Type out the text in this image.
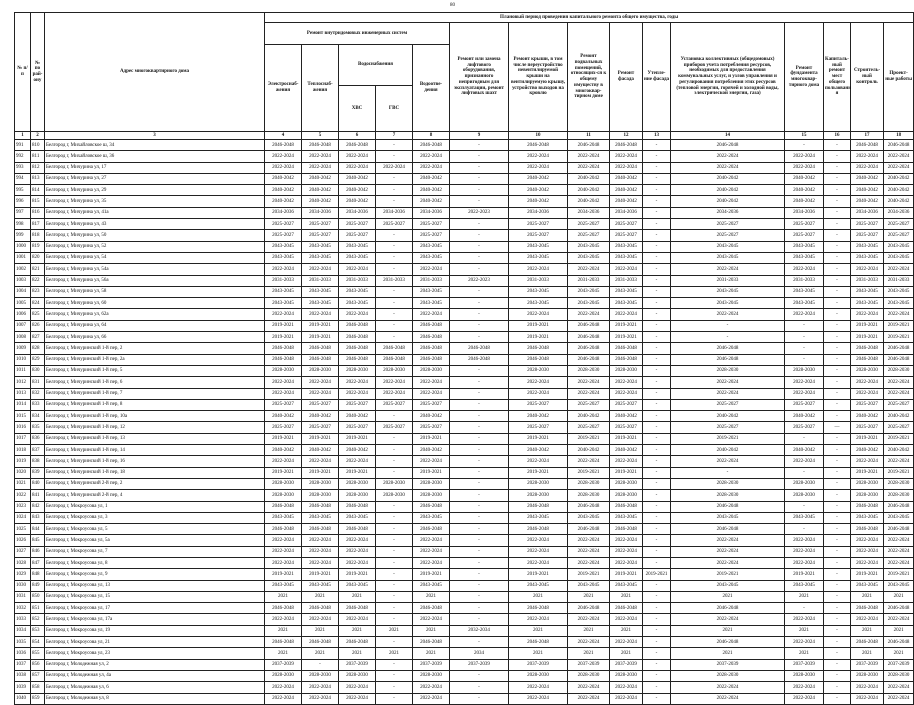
80
№ п/п	№ по рай-ону	Адрес многоквартирного дома	Плановый период проведения капитального ремонта общего имущества, годы														
			Ремонт внутридомовых инженерных систем					Ремонт или замена лифтового оборудования, признанного непригодным для эксплуатации, ремонт лифтовых шахт	Ремонт крыши, в том числе переустройство невентилируемой крыши на вентилируемую крышу, устройство выходов на кровлю	Ремонт подвальных помещений, относящих-ся к общему имуществу в многоквар-тирном доме	Ремонт фасада	Утепле-ние фасада	Установка коллективных (общедомовых) приборов учета потребления ресурсов, необходимых для предоставления коммунальных услуг, и узлов управления и регулирования потребления этих ресурсов (тепловой энергии, горячей и холодной воды, электрической энергии, газа)	Ремонт фундамента многоквар-тирного дома	Капиталь-ный ремонт мест общего пользовани я	Строитель-ный контроль	Проект-ные работы
			Электроснаб-жения	Теплоснаб-жения	Водоснабжения
ХВС ГВС		Водоотве-дения										
1	2	3	4	5	6	7	8	9	10	11	12	13	14	15	16	17	18
991	810	Белгород г, Михайловское ш, 34	2046-2048	2046-2048	2046-2048	-	2046-2048	-	2046-2048	2046-2048	2046-2048	-	2046-2048	-	-	2046-2048	2046-2048
992	811	Белгород г, Михайловское ш, 36	2022-2024	2022-2024	2022-2024	-	2022-2024	-	2022-2024	2022-2024	2022-2024	-	2022-2024	2022-2024	-	2022-2024	2022-2024
993	812	Белгород г, Мичурина ул, 17	2022-2024	2022-2024	2022-2024	2022-2024	2022-2024	-	2022-2024	2022-2024	2022-2024	-	2022-2024	2022-2024	-	2022-2024	2022-2024
994	813	Белгород г, Мичурина ул, 27	2040-2042	2040-2042	2040-2042	-	2040-2042	-	2040-2042	2040-2042	2040-2042	-	2040-2042	2040-2042	-	2040-2042	2040-2042
995	814	Белгород г, Мичурина ул, 29	2040-2042	2040-2042	2040-2042	-	2040-2042	-	2040-2042	2040-2042	2040-2042	-	2040-2042	2040-2042	-	2040-2042	2040-2042
996	815	Белгород г, Мичурина ул, 35	2040-2042	2040-2042	2040-2042	-	2040-2042	-	2040-2042	2040-2042	2040-2042	-	2040-2042	2040-2042	-	2040-2042	2040-2042
997	816	Белгород г, Мичурина ул, 41а	2034-2036	2034-2036	2034-2036	2034-2036	2034-2036	2022-2023	2034-2036	2034-2036	2034-2036	-	2034-2036	2034-2036	-	2034-2036	2034-2036
998	817	Белгород г, Мичурина ул, 43	2025-2027	2025-2027	2025-2027	2025-2027	2025-2027	-	2025-2027	2025-2027	2025-2027	-	2025-2027	2025-2027	-	2025-2027	2025-2027
999	818	Белгород г, Мичурина ул, 50	2025-2027	2025-2027	2025-2027	-	2025-2027	-	2025-2027	2025-2027	2025-2027	-	2025-2027	2025-2027	-	2025-2027	2025-2027
1000	819	Белгород г, Мичурина ул, 52	2043-2045	2043-2045	2043-2045	-	2043-2045	-	2043-2045	2043-2045	2043-2045	-	2043-2045	2043-2045	-	2043-2045	2043-2045
1001	820	Белгород г, Мичурина ул, 54	2043-2045	2043-2045	2043-2045	-	2043-2045	-	2043-2045	2043-2045	2043-2045	-	2043-2045	2043-2045	-	2043-2045	2043-2045
1002	821	Белгород г, Мичурина ул, 54а	2022-2024	2022-2024	2022-2024	-	2022-2024	-	2022-2024	2022-2024	2022-2024	-	2022-2024	2022-2024	-	2022-2024	2022-2024
1003	822	Белгород г, Мичурина ул, 56а	2031-2033	2031-2033	2031-2033	2031-2033	2031-2033	2022-2023	2031-2033	2031-2033	2031-2033	-	2031-2033	2031-2033	-	2031-2033	2031-2033
1004	823	Белгород г, Мичурина ул, 58	2043-2045	2043-2045	2043-2045	-	2043-2045	-	2043-2045	2043-2045	2043-2045	-	2043-2045	2043-2045	-	2043-2045	2043-2045
1005	824	Белгород г, Мичурина ул, 60	2043-2045	2043-2045	2043-2045	-	2043-2045	-	2043-2045	2043-2045	2043-2045	-	2043-2045	2043-2045	-	2043-2045	2043-2045
1006	825	Белгород г, Мичурина ул, 62а	2022-2024	2022-2024	2022-2024	-	2022-2024	-	2022-2024	2022-2024	2022-2024	-	2022-2024	2022-2024	-	2022-2024	2022-2024
1007	826	Белгород г, Мичурина ул, 64	2019-2021	2019-2021	2046-2048	-	2046-2048	-	2019-2021	2046-2048	2019-2021	-	-	-	-	2019-2021	2019-2021
1008	827	Белгород г, Мичурина ул, 66	2019-2021	2019-2021	2046-2048	-	2046-2048	-	2019-2021	2046-2048	2019-2021	-	-	-	-	2019-2021	2019-2021
1009	828	Белгород г, Мичуринский 1-й пер, 2	2046-2048	2046-2048	2046-2048	2046-2048	2046-2048	2046-2048	2046-2048	2046-2048	2046-2048	-	2046-2048	-	-	2046-2048	2046-2048
1010	829	Белгород г, Мичуринский 1-й пер, 2а	2046-2048	2046-2048	2046-2048	2046-2048	2046-2048	2046-2048	2046-2048	2046-2048	2046-2048	-	2046-2048	-	-	2046-2048	2046-2048
1011	830	Белгород г, Мичуринский 1-й пер, 5	2028-2030	2028-2030	2028-2030	2028-2030	2028-2030	-	2028-2030	2028-2030	2028-2030	-	2028-2030	2028-2030	-	2028-2030	2028-2030
1012	831	Белгород г, Мичуринский 1-й пер, 6	2022-2024	2022-2024	2022-2024	2022-2024	2022-2024	-	2022-2024	2022-2024	2022-2024	-	2022-2024	2022-2024	-	2022-2024	2022-2024
1013	832	Белгород г, Мичуринский 1-й пер, 7	2022-2024	2022-2024	2022-2024	2022-2024	2022-2024	-	2022-2024	2022-2024	2022-2024	-	2022-2024	2022-2024	-	2022-2024	2022-2024
1014	833	Белгород г, Мичуринский 1-й пер, 8	2025-2027	2025-2027	2025-2027	2025-2027	2025-2027	-	2025-2027	2025-2027	2025-2027	-	2025-2027	2025-2027	-	2025-2027	2025-2027
1015	834	Белгород г, Мичуринский 1-й пер, 10а	2040-2042	2040-2042	2040-2042	-	2040-2042	-	2040-2042	2040-2042	2040-2042	-	2040-2042	2040-2042	-	2040-2042	2040-2042
1016	835	Белгород г, Мичуринский 1-й пер, 12	2025-2027	2025-2027	2025-2027	2025-2027	2025-2027	-	2025-2027	2025-2027	2025-2027	-	2025-2027	2025-2027	—	2025-2027	2025-2027
1017	836	Белгород г, Мичуринский 1-й пер, 13	2019-2021	2019-2021	2019-2021	-	2019-2021	-	2019-2021	2019-2021	2019-2021	-	2019-2021	-	-	2019-2021	2019-2021
1018	837	Белгород г, Мичуринский 1-й пер, 14	2040-2042	2040-2042	2040-2042	-	2040-2042	-	2040-2042	2040-2042	2040-2042	-	2040-2042	2040-2042	-	2040-2042	2040-2042
1019	838	Белгород г, Мичуринский 1-й пер, 16	2022-2024	2022-2024	2022-2024	-	2022-2024	-	2022-2024	2022-2024	2022-2024	-	2022-2024	2022-2024	-	2022-2024	2022-2024
1020	839	Белгород г, Мичуринский 1-й пер, 18	2019-2021	2019-2021	2019-2021	-	2019-2021	-	2019-2021	2019-2021	2019-2021	-	-	-	-	2019-2021	2019-2021
1021	840	Белгород г, Мичуринский 2-й пер, 2	2028-2030	2028-2030	2028-2030	2028-2030	2028-2030	-	2028-2030	2028-2030	2028-2030	-	2028-2030	2028-2030	-	2028-2030	2028-2030
1022	841	Белгород г, Мичуринский 2-й пер, 4	2028-2030	2028-2030	2028-2030	2028-2030	2028-2030	-	2028-2030	2028-2030	2028-2030	-	2028-2030	2028-2030	-	2028-2030	2028-2030
1023	842	Белгород г, Мокроусова ул, 1	2046-2048	2046-2048	2046-2048	-	2046-2048	-	2046-2048	2046-2048	2046-2048	-	2046-2048	-	-	2046-2048	2046-2048
1024	843	Белгород г, Мокроусова ул, 3	2043-2045	2043-2045	2043-2045	-	2043-2045	-	2043-2045	2043-2045	2043-2045	-	2043-2045	2043-2045	-	2043-2045	2043-2045
1025	844	Белгород г, Мокроусова ул, 5	2046-2048	2046-2048	2046-2048	-	2046-2048	-	2046-2048	2046-2048	2046-2048	-	2046-2048	-	-	2046-2048	2046-2048
1026	845	Белгород г, Мокроусова ул, 5а	2022-2024	2022-2024	2022-2024	-	2022-2024	-	2022-2024	2022-2024	2022-2024	-	2022-2024	2022-2024	-	2022-2024	2022-2024
1027	846	Белгород г, Мокроусова ул, 7	2022-2024	2022-2024	2022-2024	-	2022-2024	-	2022-2024	2022-2024	2022-2024	-	2022-2024	2022-2024	-	2022-2024	2022-2024
1028	847	Белгород г, Мокроусова ул, 8	2022-2024	2022-2024	2022-2024	-	2022-2024	-	2022-2024	2022-2024	2022-2024	-	2022-2024	2022-2024	-	2022-2024	2022-2024
1029	848	Белгород г, Мокроусова ул, 9	2019-2021	2019-2021	2019-2021	-	2019-2021	-	2019-2021	2019-2021	2019-2021	2019-2021	2019-2021	2019-2021	-	2019-2021	2019-2021
1030	849	Белгород г, Мокроусова ул, 13	2043-2045	2043-2045	2043-2045	-	2043-2045	-	2043-2045	2043-2045	2043-2045	-	2043-2045	2043-2045	-	2043-2045	2043-2045
1031	850	Белгород г, Мокроусова ул, 15	2021	2021	2021	-	2021	-	2021	2021	2021	-	2021	2021	-	2021	2021
1032	851	Белгород г, Мокроусова ул, 17	2046-2048	2046-2048	2046-2048	-	2046-2048	-	2046-2048	2046-2048	2046-2048	-	2046-2048	-	-	2046-2048	2046-2048
1033	852	Белгород г, Мокроусова ул, 17а	2022-2024	2022-2024	2022-2024	-	2022-2024	-	2022-2024	2022-2024	2022-2024	-	2022-2024	2022-2024	-	2022-2024	2022-2024
1034	853	Белгород г, Мокроусова ул, 19	2021	2021	2021	2021	2021	2032-2034	2021	2021	2021	-	2021	2021	-	2021	2021
1035	854	Белгород г, Мокроусова ул, 21	2046-2048	2046-2048	2046-2048	-	2046-2048	-	2046-2048	2022-2024	2022-2024	-	2046-2048	2022-2024	-	2046-2048	2046-2048
1036	855	Белгород г, Мокроусова ул, 23	2021	2021	2021	2021	2021	2034	2021	2021	2021	-	2021	2021	-	2021	2021
1037	856	Белгород г, Молодежная ул, 2	2037-2039	-	2037-2039	-	2037-2039	2037-2039	2037-2039	2037-2039	2037-2039	-	2037-2039	2037-2039	-	2037-2039	2037-2039
1038	857	Белгород г, Молодежная ул, 4а	2028-2030	2028-2030	2028-2030	-	2028-2030	-	2028-2030	2028-2030	2028-2030	-	2028-2030	2028-2030	-	2028-2030	2028-2030
1039	858	Белгород г, Молодежная ул, 6	2022-2024	2022-2024	2022-2024	-	2022-2024	-	2022-2024	2022-2024	2022-2024	-	2022-2024	2022-2024	-	2022-2024	2022-2024
1040	859	Белгород г, Молодежная ул, 8	2022-2024	2022-2024	2022-2024	-	2022-2024	-	2022-2024	2022-2024	2022-2024	-	2022-2024	2022-2024	-	2022-2024	2022-2024
